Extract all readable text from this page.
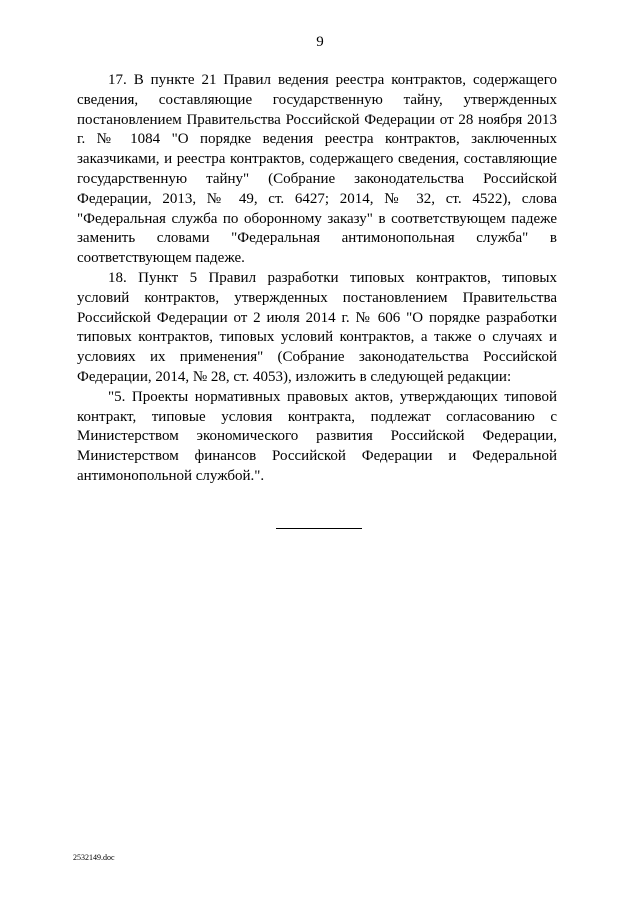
9

17. В пункте 21 Правил ведения реестра контрактов, содержащего сведения, составляющие государственную тайну, утвержденных постановлением Правительства Российской Федерации от 28 ноября 2013 г. № 1084 "О порядке ведения реестра контрактов, заключенных заказчиками, и реестра контрактов, содержащего сведения, составляющие государственную тайну" (Собрание законодательства Российской Федерации, 2013, № 49, ст. 6427; 2014, № 32, ст. 4522), слова "Федеральная служба по оборонному заказу" в соответствующем падеже заменить словами "Федеральная антимонопольная служба" в соответствующем падеже.

18. Пункт 5 Правил разработки типовых контрактов, типовых условий контрактов, утвержденных постановлением Правительства Российской Федерации от 2 июля 2014 г. № 606 "О порядке разработки типовых контрактов, типовых условий контрактов, а также о случаях и условиях их применения" (Собрание законодательства Российской Федерации, 2014, № 28, ст. 4053), изложить в следующей редакции:

"5. Проекты нормативных правовых актов, утверждающих типовой контракт, типовые условия контракта, подлежат согласованию с Министерством экономического развития Российской Федерации, Министерством финансов Российской Федерации и Федеральной антимонопольной службой.".

2532149.doc
